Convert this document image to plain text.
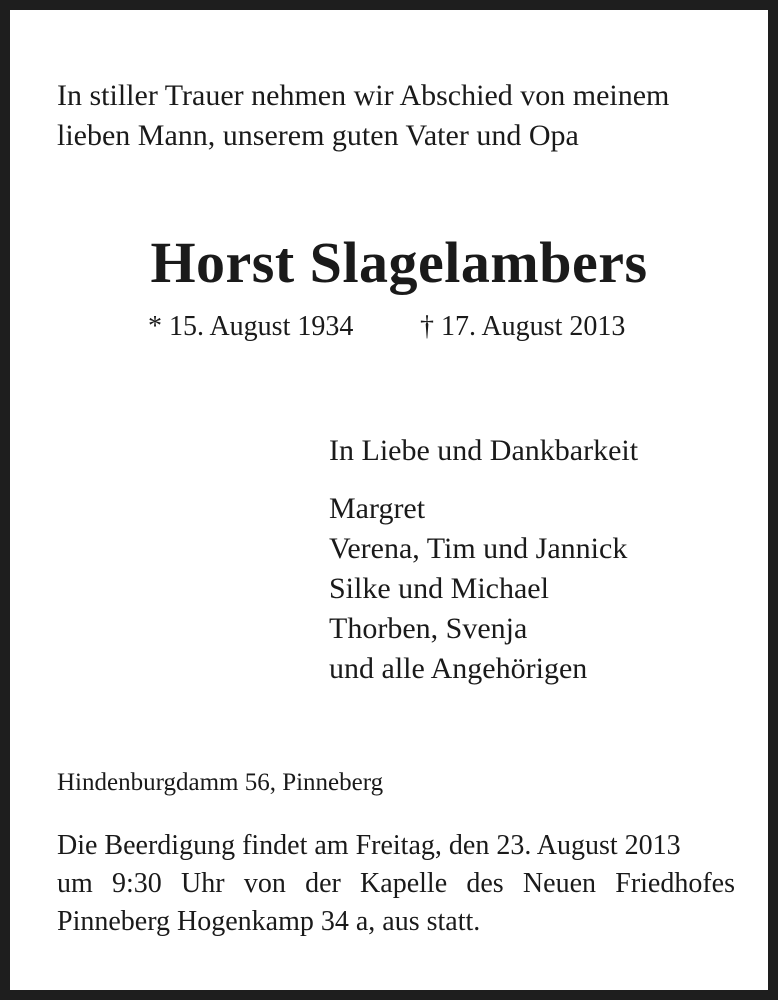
In stiller Trauer nehmen wir Abschied von meinem
lieben Mann, unserem guten Vater und Opa
Horst Slagelambers
* 15. August 1934 † 17. August 2013
In Liebe und Dankbarkeit
Margret
Verena, Tim und Jannick
Silke und Michael
Thorben, Svenja
und alle Angehörigen
Hindenburgdamm 56, Pinneberg
Die Beerdigung findet am Freitag, den 23. August 2013
um 9:30 Uhr von der Kapelle des Neuen Friedhofes
Pinneberg Hogenkamp 34 a, aus statt.
